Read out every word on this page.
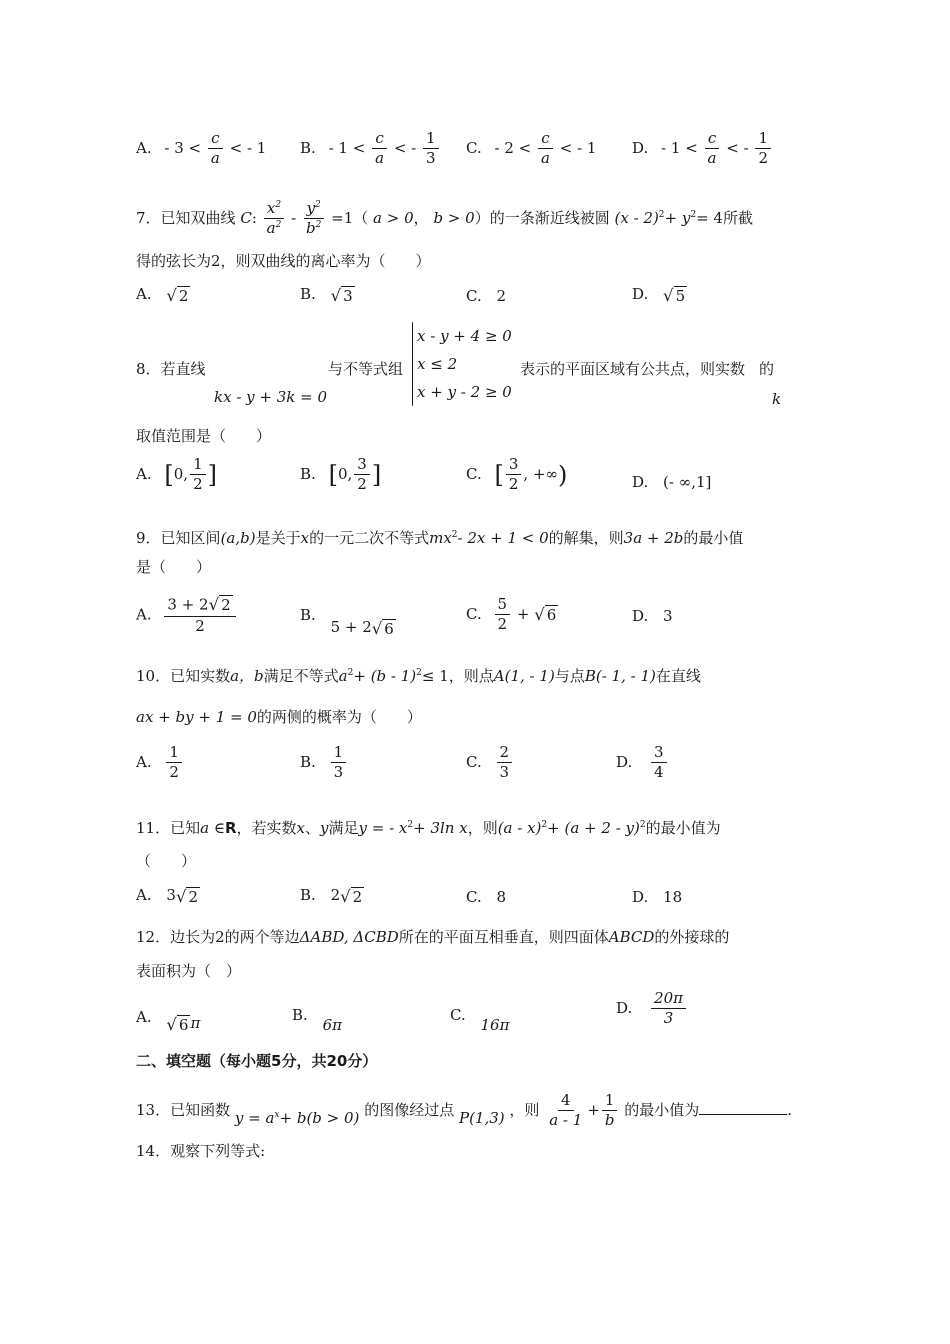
A. - $3 < \frac{c}{a}$ < - 1 B. - $1 < \frac{c}{a}$ < - $\frac{1}{3} C$. - $2 < \frac{c}{a}$ < - 1 D. - $1 < \frac{c}{a}$ < - $\frac{1}{2}$
7．已知双曲线 C: $\frac{x^2}{a^2} - \frac{y^2}{b^2} =1$（ a > 0， b > 0）的一条渐近线被圆 $(x - 2)^2+ y^2= 4$所截
得的弦长为2，则双曲线的离心率为（　　）
A. √ 2	B. √ 3	C. 2	D. √ 5
8．若直线
kx - y + 3k = 0
与不等式组
x - y + 4 ≥ 0
x ≤ 2
x + y - 2 ≥ 0
表示的平面区域有公共点，则实数 的
k
取值范围是（　　）
A. [0, $\frac{1}{2}$ ]	B. [0, $\frac{3}{2}$ ]	C. [ $\frac{3}{2}$ , +∞)	D. (- ∞,1]
9．已知区间(a,b)是关于x的一元二次不等式$mx^2-$ 2x + 1 < 0的解集，则3a + 2b的最小值
是（　　）
A. $\frac{3 + 2√ 2}{2}$	B. 5 + 2√ 6
C. $\frac{5}{2}$ + √ 6	D. 3
10．已知实数a，b满足不等式$a^2+ (b - 1)^2\le 1$，则点A(1, - 1)与点B(- 1, - 1)在直线
ax + by + 1 = 0的两侧的概率为（　　）
A. $\frac{1}{2}$	B. $\frac{1}{3}$	C. $\frac{2}{3}$	D. $\frac{3}{4}$
11．已知a ∈R，若实数x、y满足y = - $x^2+ 3\ln$ x，则$(a - x)^2+ (a + 2 - y)^2$的最小值为
（　　）
A. 3√ 2	B. 2√ 2	C. 8	D. 18
12．边长为2的两个等边ΔABD, ΔCBD所在的平面互相垂直，则四面体ABCD的外接球的
表面积为（　）
A. √ 6 π	B. 6π
C. 16π
D. $\frac{20\pi}{3}$
二、填空题（每小题5分，共20分）
13．已知函数 $y = a^x+ b(b > 0)$ 的图像经过点 P(1,3) ，则 $\frac{4}{a - 1} + \frac{1}{b}$ 的最小值为	.
14．观察下列等式:
